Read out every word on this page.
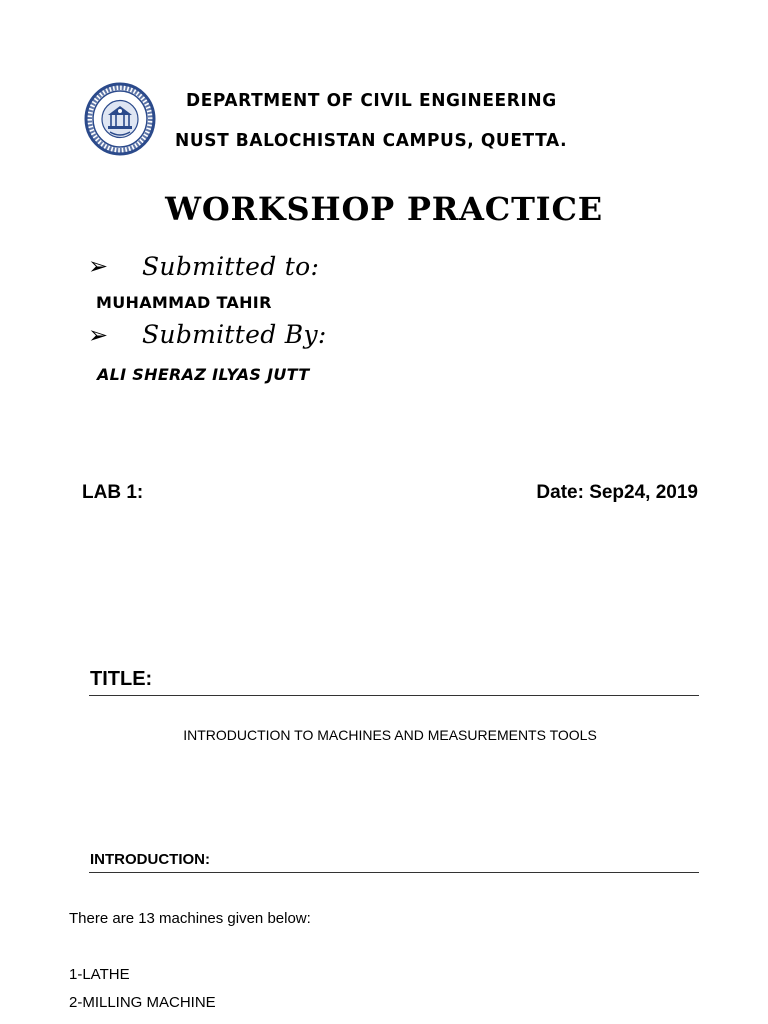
DEPARTMENT OF CIVIL ENGINEERING
NUST BALOCHISTAN CAMPUS, QUETTA.
WORKSHOP PRACTICE
➢ Submitted to:
MUHAMMAD TAHIR
➢ Submitted By:
ALI SHERAZ ILYAS JUTT
LAB 1:	Date: Sep24, 2019
TITLE:
INTRODUCTION TO MACHINES AND MEASUREMENTS TOOLS
INTRODUCTION:
There are 13 machines given below:
1-LATHE
2-MILLING MACHINE
